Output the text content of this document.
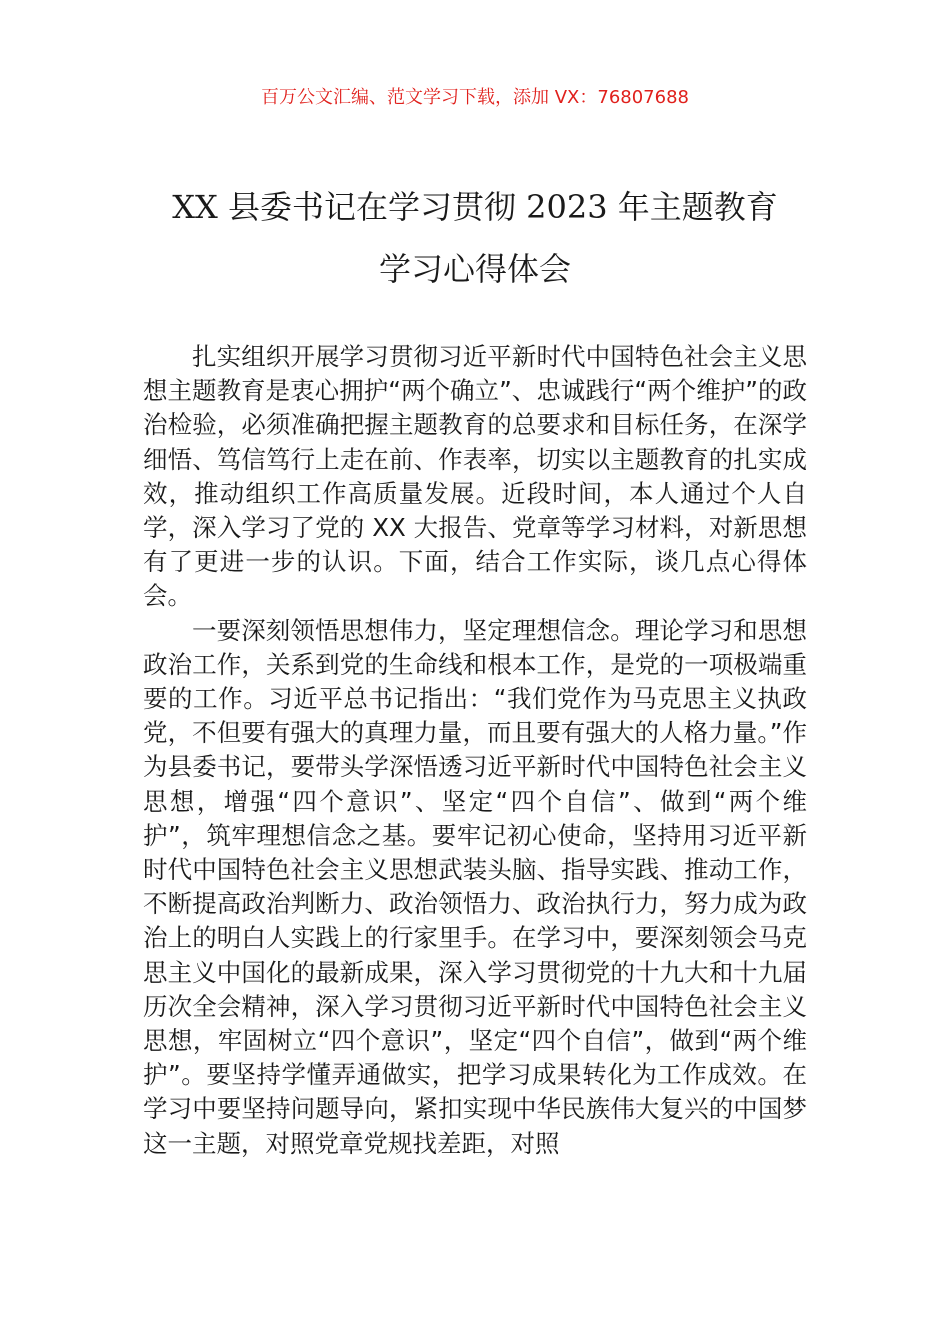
百万公文汇编、范文学习下载，添加 VX：76807688
XX 县委书记在学习贯彻 2023 年主题教育
学习心得体会

扎实组织开展学习贯彻习近平新时代中国特色社会主义思想主题教育是衷心拥护“两个确立”、忠诚践行“两个维护”的政治检验，必须准确把握主题教育的总要求和目标任务，在深学细悟、笃信笃行上走在前、作表率，切实以主题教育的扎实成效，推动组织工作高质量发展。近段时间，本人通过个人自学，深入学习了党的 XX 大报告、党章等学习材料，对新思想有了更进一步的认识。下面，结合工作实际，谈几点心得体会。

一要深刻领悟思想伟力，坚定理想信念。理论学习和思想政治工作，关系到党的生命线和根本工作，是党的一项极端重要的工作。习近平总书记指出：“我们党作为马克思主义执政党，不但要有强大的真理力量，而且要有强大的人格力量。”作为县委书记，要带头学深悟透习近平新时代中国特色社会主义思想，增强“四个意识”、坚定“四个自信”、做到“两个维护”，筑牢理想信念之基。要牢记初心使命，坚持用习近平新时代中国特色社会主义思想武装头脑、指导实践、推动工作，不断提高政治判断力、政治领悟力、政治执行力，努力成为政治上的明白人实践上的行家里手。在学习中，要深刻领会马克思主义中国化的最新成果，深入学习贯彻党的十九大和十九届历次全会精神，深入学习贯彻习近平新时代中国特色社会主义思想，牢固树立“四个意识”，坚定“四个自信”，做到“两个维护”。要坚持学懂弄通做实，把学习成果转化为工作成效。在学习中要坚持问题导向，紧扣实现中华民族伟大复兴的中国梦这一主题，对照党章党规找差距，对照
